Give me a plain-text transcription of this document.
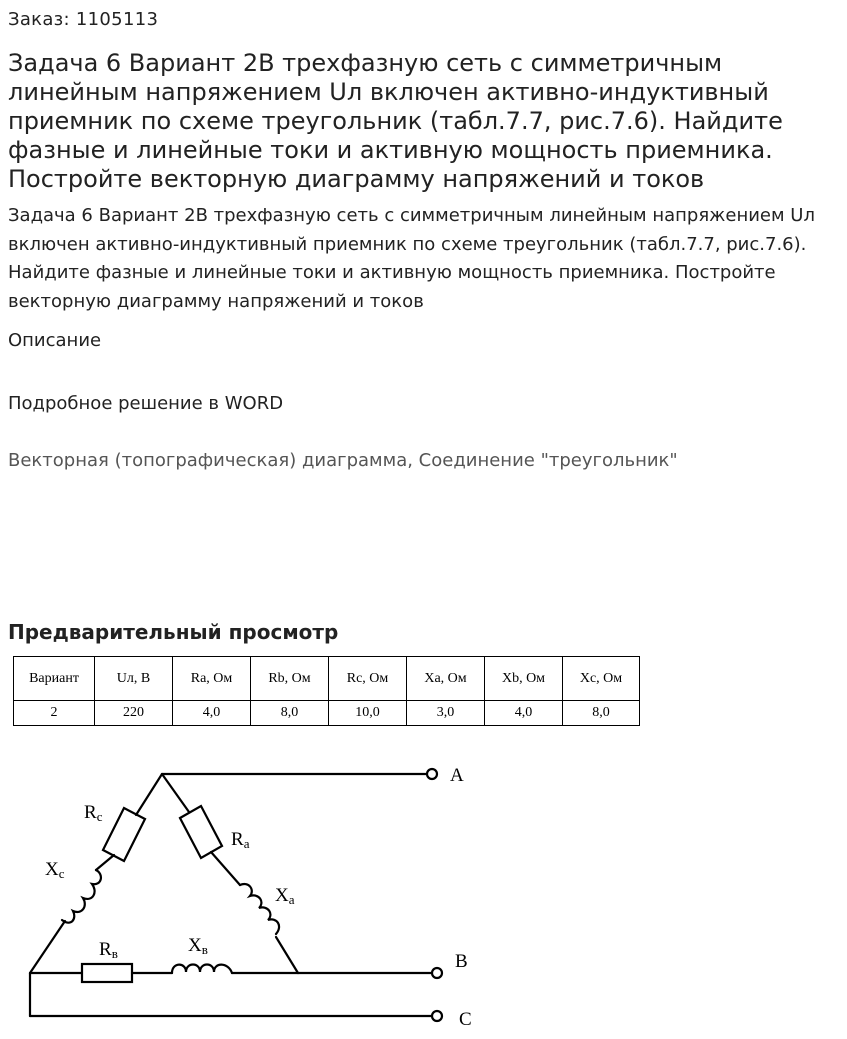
Заказ: 1105113
Задача 6 Вариант 2В трехфазную сеть с симметричным линейным напряжением Uл включен активно-индуктивный приемник по схеме треугольник (табл.7.7, рис.7.6). Найдите фазные и линейные токи и активную мощность приемника. Постройте векторную диаграмму напряжений и токов
Задача 6 Вариант 2В трехфазную сеть с симметричным линейным напряжением Uл включен активно-индуктивный приемник по схеме треугольник (табл.7.7, рис.7.6). Найдите фазные и линейные токи и активную мощность приемника. Постройте векторную диаграмму напряжений и токов
Описание
Подробное решение в WORD
Векторная (топографическая) диаграмма, Соединение "треугольник"
Предварительный просмотр
Вариант	Uл, В	Ra, Ом	Rb, Ом	Rc, Ом	Xa, Ом	Xb, Ом	Xc, Ом
2	220	4,0	8,0	10,0	3,0	4,0	8,0
A
B
C
Rc
Ra
Xc
Xa
Rв	Xв
